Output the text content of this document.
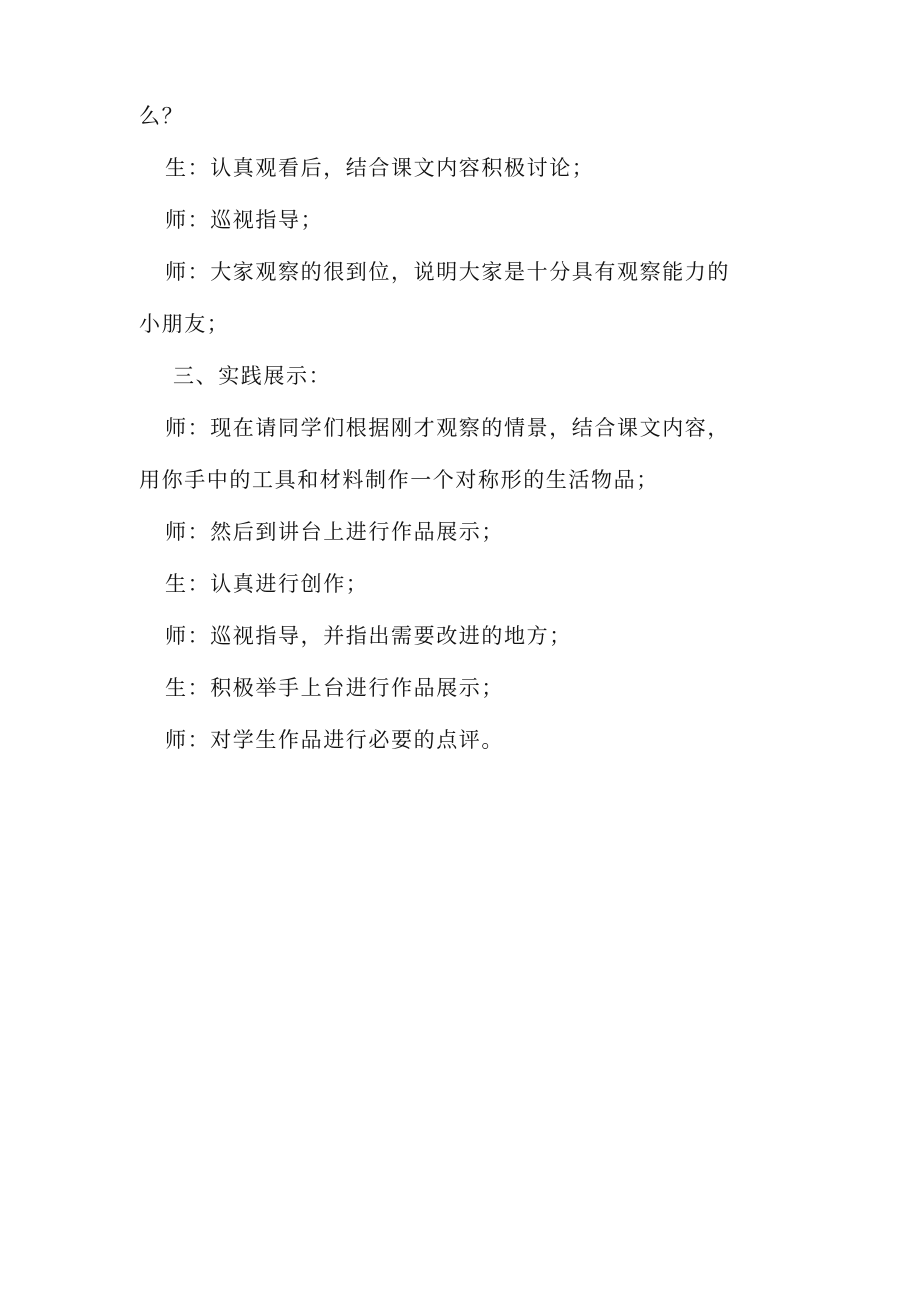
么？
生：认真观看后，结合课文内容积极讨论；
师：巡视指导；
师：大家观察的很到位，说明大家是十分具有观察能力的
小朋友；
三、实践展示：
师：现在请同学们根据刚才观察的情景，结合课文内容，
用你手中的工具和材料制作一个对称形的生活物品；
师：然后到讲台上进行作品展示；
生：认真进行创作；
师：巡视指导，并指出需要改进的地方；
生：积极举手上台进行作品展示；
师：对学生作品进行必要的点评。
